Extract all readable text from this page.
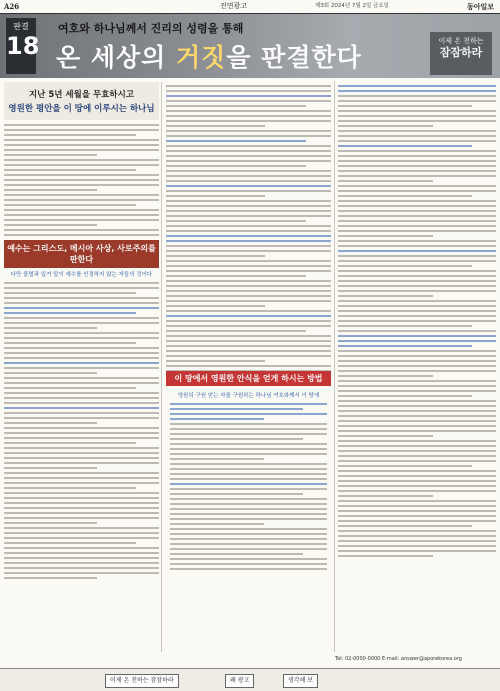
A26	전면광고	제3회 2024년 7월 2일 금요일	동아일보
판결
18
여호와 하나님께서 진리의 성령을 통해
온 세상의 거짓을 판결한다
이제 온 천하는
잠잠하라
지난 5년 세월을 무효하시고
영원한 평안을 이 땅에 이루시는 하나님
예수는 그리스도, 메시아 사상, 사로주의를 판한다
다만 불멸과 일거 말이 예수를 인정하지 않는 자들의 것이다
이 땅에서 영원한 안식을 얻게 하시는 방법
영원히 구원 얻는 자를 구원하는 하나님 여호와께서 이 땅에
Tel: 02-0000-0000 E-mail: answer@aporekorea.org
이제 온 천하는 잠잠하라	왜 광고	생각해 보
